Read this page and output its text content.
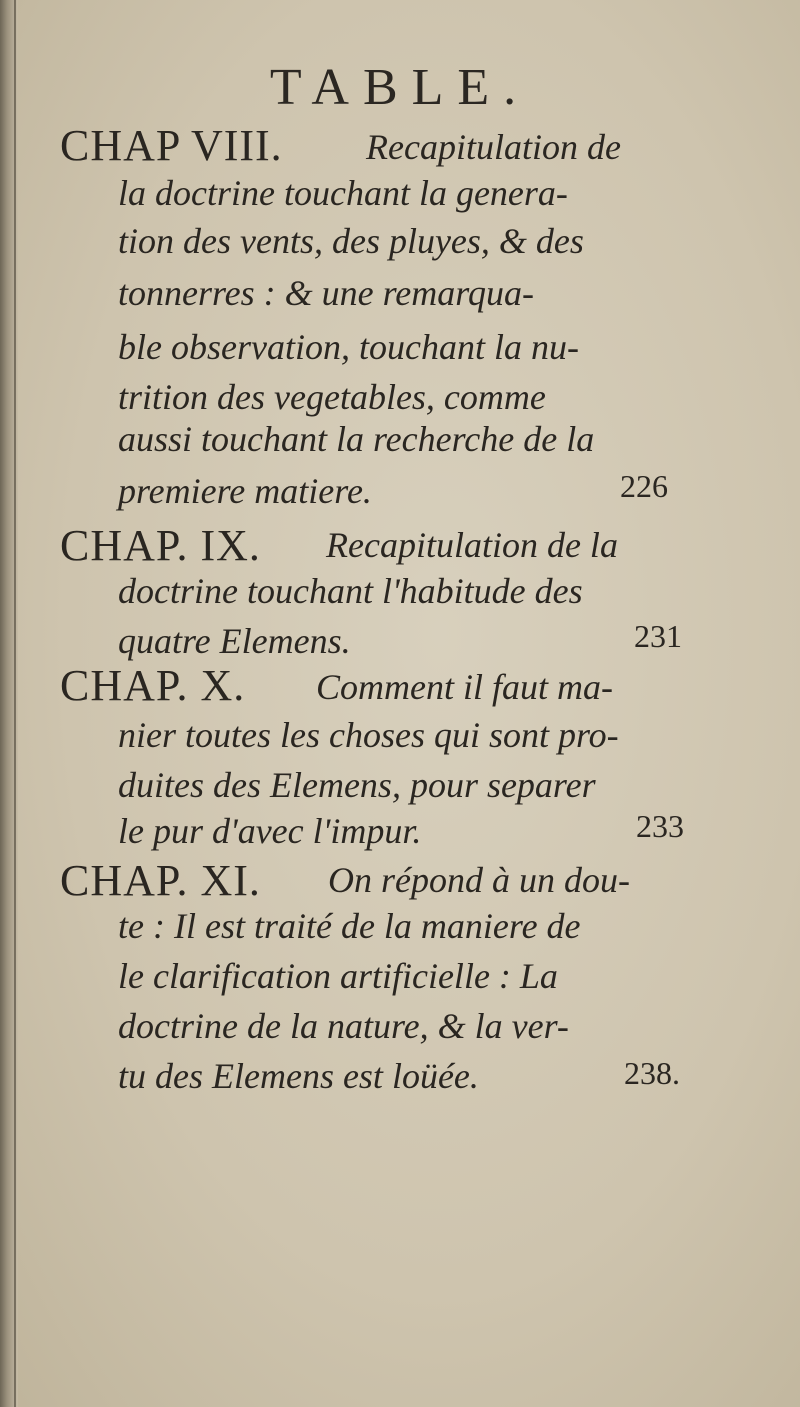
TABLE.
CHAP VIII. Recapitulation de
la doctrine touchant la genera-
tion des vents, des pluyes, & des
tonnerres : & une remarqua-
ble observation, touchant la nu-
trition des vegetables, comme
aussi touchant la recherche de la
premiere matiere.	226
CHAP. IX. Recapitulation de la
doctrine touchant l'habitude des
quatre Elemens.	231
CHAP. X. Comment il faut ma-
nier toutes les choses qui sont pro-
duites des Elemens, pour separer
le pur d'avec l'impur.	233
CHAP. XI. On répond à un dou-
te : Il est traité de la maniere de
le clarification artificielle : La
doctrine de la nature, & la ver-
tu des Elemens est loüée.	238.
